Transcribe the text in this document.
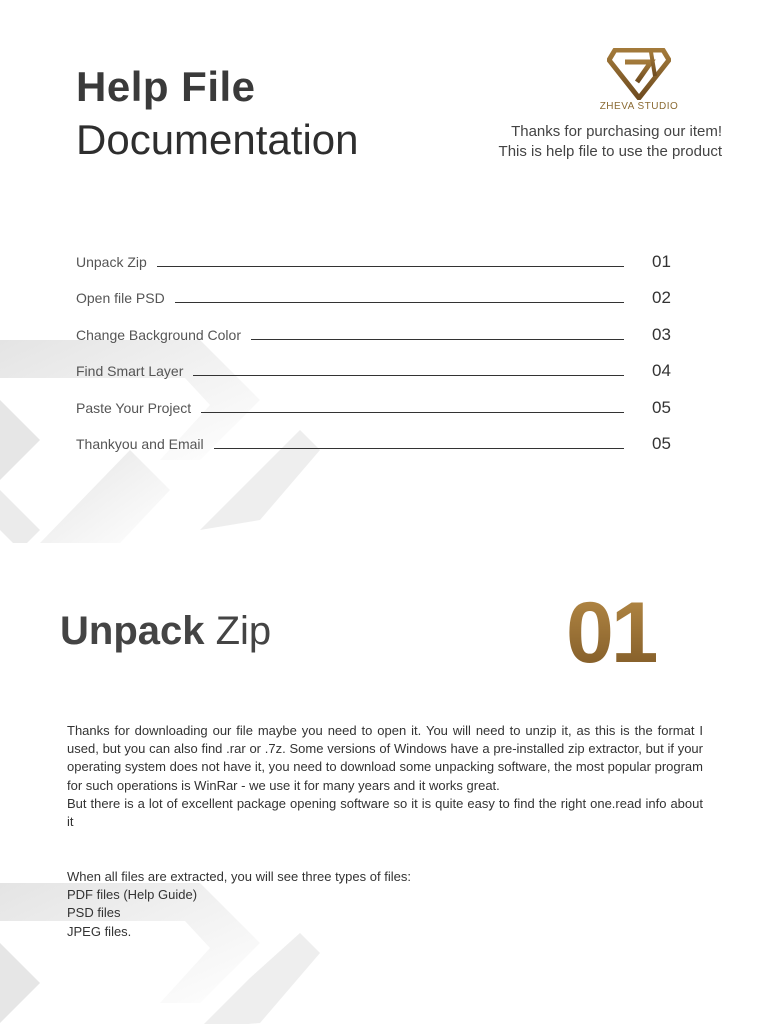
Help File
Documentation
ZHEVA STUDIO
Thanks for purchasing our item!
This is help file to use the product
Unpack Zip	01
Open file PSD	02
Change Background Color	03
Find Smart Layer	04
Paste Your Project	05
Thankyou and Email	05
Unpack Zip	01

Thanks for downloading our file maybe you need to open it. You will need to unzip it, as this is the format I used, but you can also find .rar or .7z. Some versions of Windows have a pre-installed zip extractor, but if your operating system does not have it, you need to download some unpacking software, the most popular program for such operations is WinRar - we use it for many years and it works great.

But there is a lot of excellent package opening software so it is quite easy to find the right one.read info about it

When all files are extracted, you will see three types of files:
PDF files (Help Guide)
PSD files
JPEG files.
